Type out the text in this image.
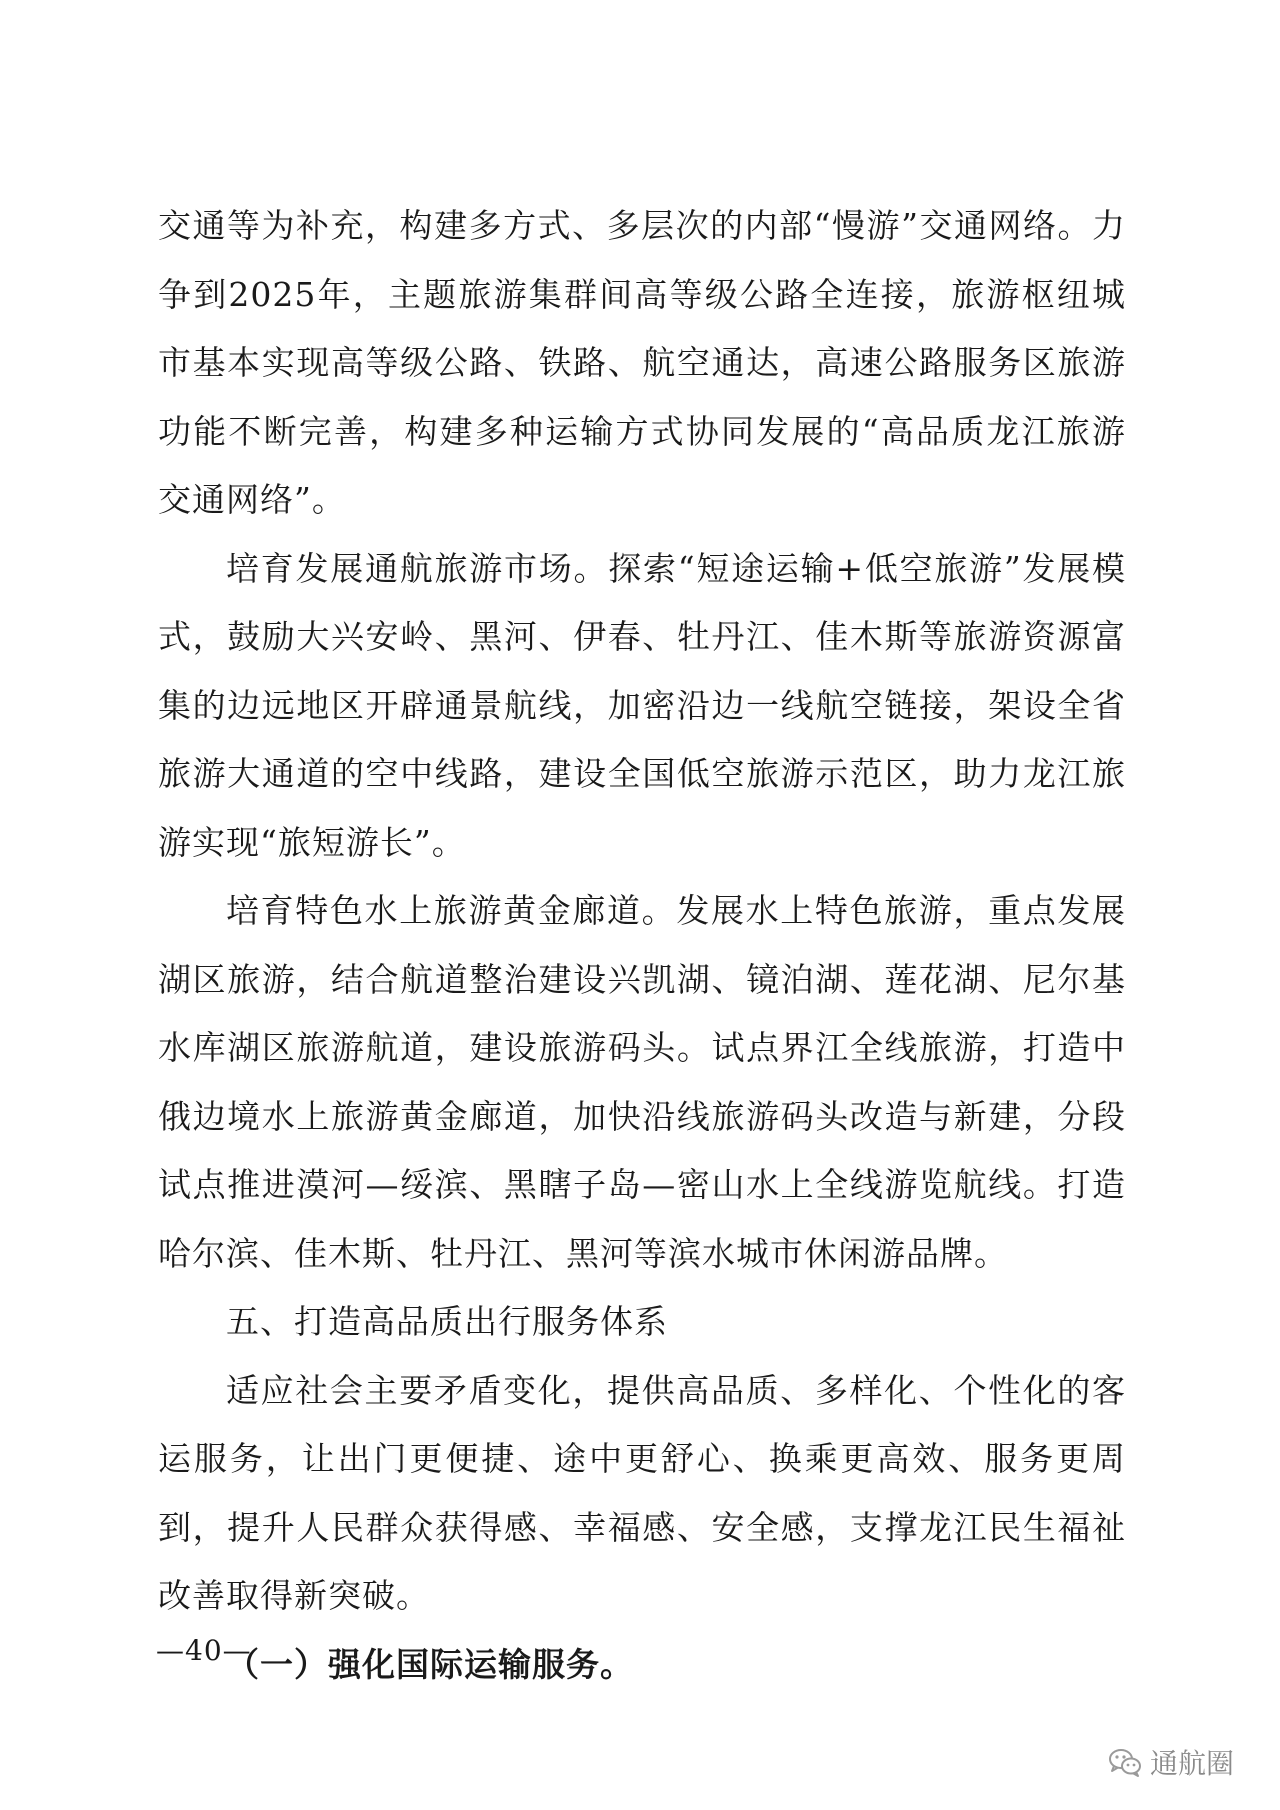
交通等为补充，构建多方式、多层次的内部“慢游”交通网络。力争到2025年，主题旅游集群间高等级公路全连接，旅游枢纽城市基本实现高等级公路、铁路、航空通达，高速公路服务区旅游功能不断完善，构建多种运输方式协同发展的“高品质龙江旅游交通网络”。

培育发展通航旅游市场。探索“短途运输+低空旅游”发展模式，鼓励大兴安岭、黑河、伊春、牡丹江、佳木斯等旅游资源富集的边远地区开辟通景航线，加密沿边一线航空链接，架设全省旅游大通道的空中线路，建设全国低空旅游示范区，助力龙江旅游实现“旅短游长”。

培育特色水上旅游黄金廊道。发展水上特色旅游，重点发展湖区旅游，结合航道整治建设兴凯湖、镜泊湖、莲花湖、尼尔基水库湖区旅游航道，建设旅游码头。试点界江全线旅游，打造中俄边境水上旅游黄金廊道，加快沿线旅游码头改造与新建，分段试点推进漠河—绥滨、黑瞎子岛—密山水上全线游览航线。打造哈尔滨、佳木斯、牡丹江、黑河等滨水城市休闲游品牌。

五、打造高品质出行服务体系

适应社会主要矛盾变化，提供高品质、多样化、个性化的客运服务，让出门更便捷、途中更舒心、换乘更高效、服务更周到，提升人民群众获得感、幸福感、安全感，支撑龙江民生福祉改善取得新突破。

（一）强化国际运输服务。
—40—
通航圈
